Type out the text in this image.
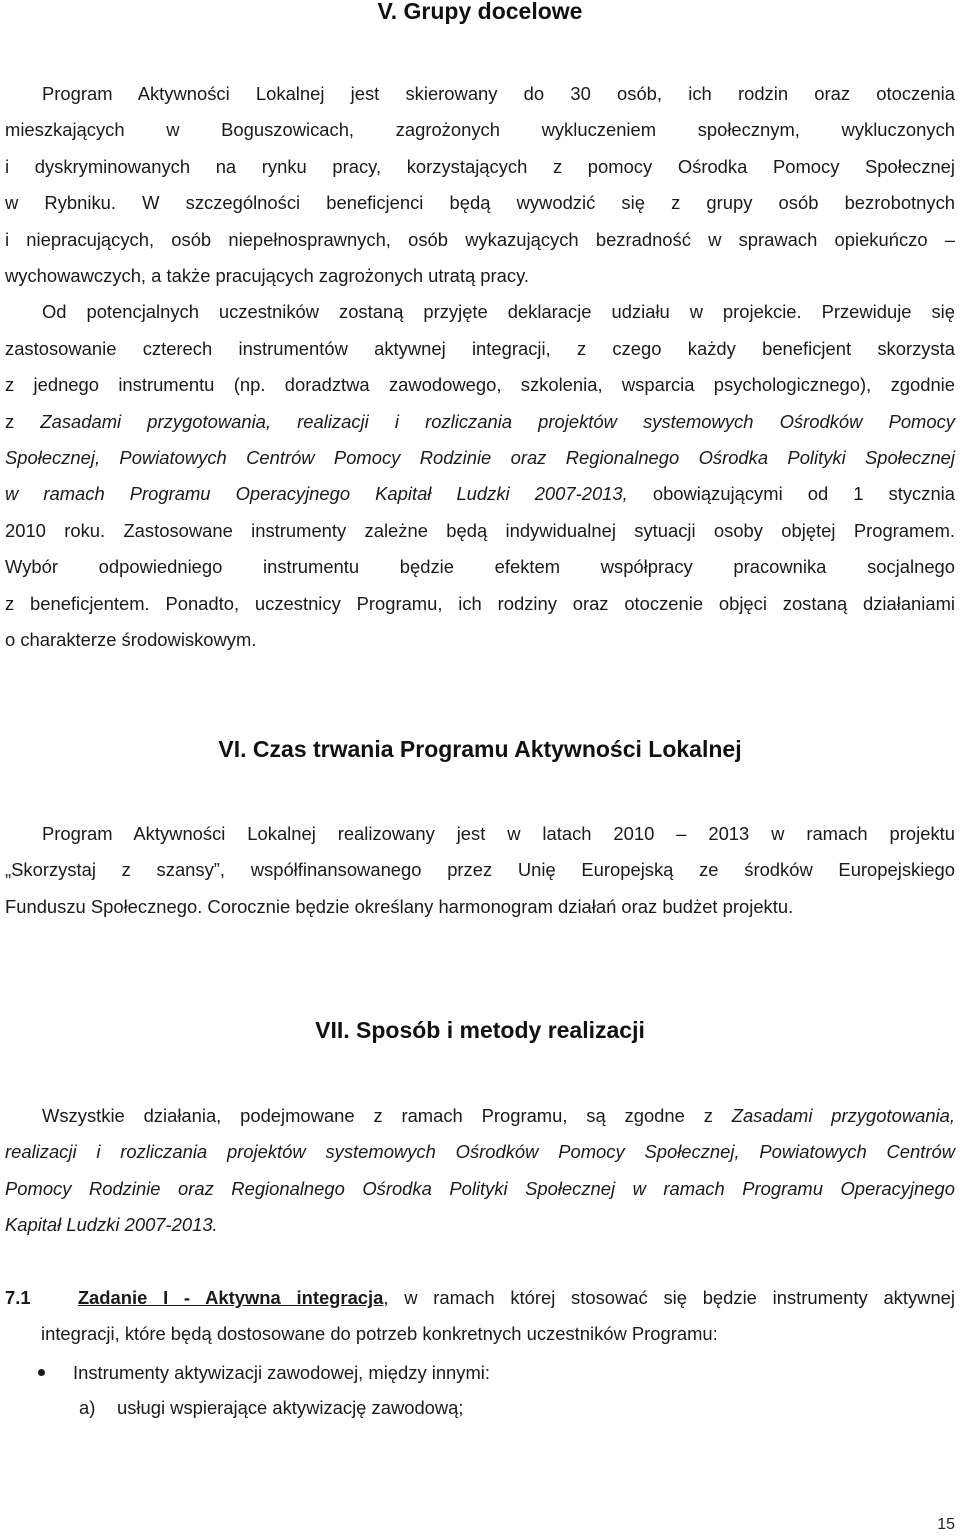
V. Grupy docelowe
Program Aktywności Lokalnej jest skierowany do 30 osób, ich rodzin oraz otoczenia
mieszkających w Boguszowicach, zagrożonych wykluczeniem społecznym, wykluczonych
i dyskryminowanych na rynku pracy, korzystających z pomocy Ośrodka Pomocy Społecznej
w Rybniku. W szczególności beneficjenci będą wywodzić się z grupy osób bezrobotnych
i niepracujących, osób niepełnosprawnych, osób wykazujących bezradność w sprawach opiekuńczo –
wychowawczych, a także pracujących zagrożonych utratą pracy.
Od potencjalnych uczestników zostaną przyjęte deklaracje udziału w projekcie. Przewiduje się
zastosowanie czterech instrumentów aktywnej integracji, z czego każdy beneficjent skorzysta
z jednego instrumentu (np. doradztwa zawodowego, szkolenia, wsparcia psychologicznego), zgodnie
z Zasadami przygotowania, realizacji i rozliczania projektów systemowych Ośrodków Pomocy
Społecznej, Powiatowych Centrów Pomocy Rodzinie oraz Regionalnego Ośrodka Polityki Społecznej
w ramach Programu Operacyjnego Kapitał Ludzki 2007-2013, obowiązującymi od 1 stycznia
2010 roku. Zastosowane instrumenty zależne będą indywidualnej sytuacji osoby objętej Programem.
Wybór odpowiedniego instrumentu będzie efektem współpracy pracownika socjalnego
z beneficjentem. Ponadto, uczestnicy Programu, ich rodziny oraz otoczenie objęci zostaną działaniami
o charakterze środowiskowym.
VI. Czas trwania Programu Aktywności Lokalnej
Program Aktywności Lokalnej realizowany jest w latach 2010 – 2013 w ramach projektu
„Skorzystaj z szansy”, współfinansowanego przez Unię Europejską ze środków Europejskiego
Funduszu Społecznego. Corocznie będzie określany harmonogram działań oraz budżet projektu.
VII. Sposób i metody realizacji
Wszystkie działania, podejmowane z ramach Programu, są zgodne z Zasadami przygotowania,
realizacji i rozliczania projektów systemowych Ośrodków Pomocy Społecznej, Powiatowych Centrów
Pomocy Rodzinie oraz Regionalnego Ośrodka Polityki Społecznej w ramach Programu Operacyjnego
Kapitał Ludzki 2007-2013.
7.1	Zadanie I - Aktywna integracja, w ramach której stosować się będzie instrumenty aktywnej
integracji, które będą dostosowane do potrzeb konkretnych uczestników Programu:
Instrumenty aktywizacji zawodowej, między innymi:
a) usługi wspierające aktywizację zawodową;
15
